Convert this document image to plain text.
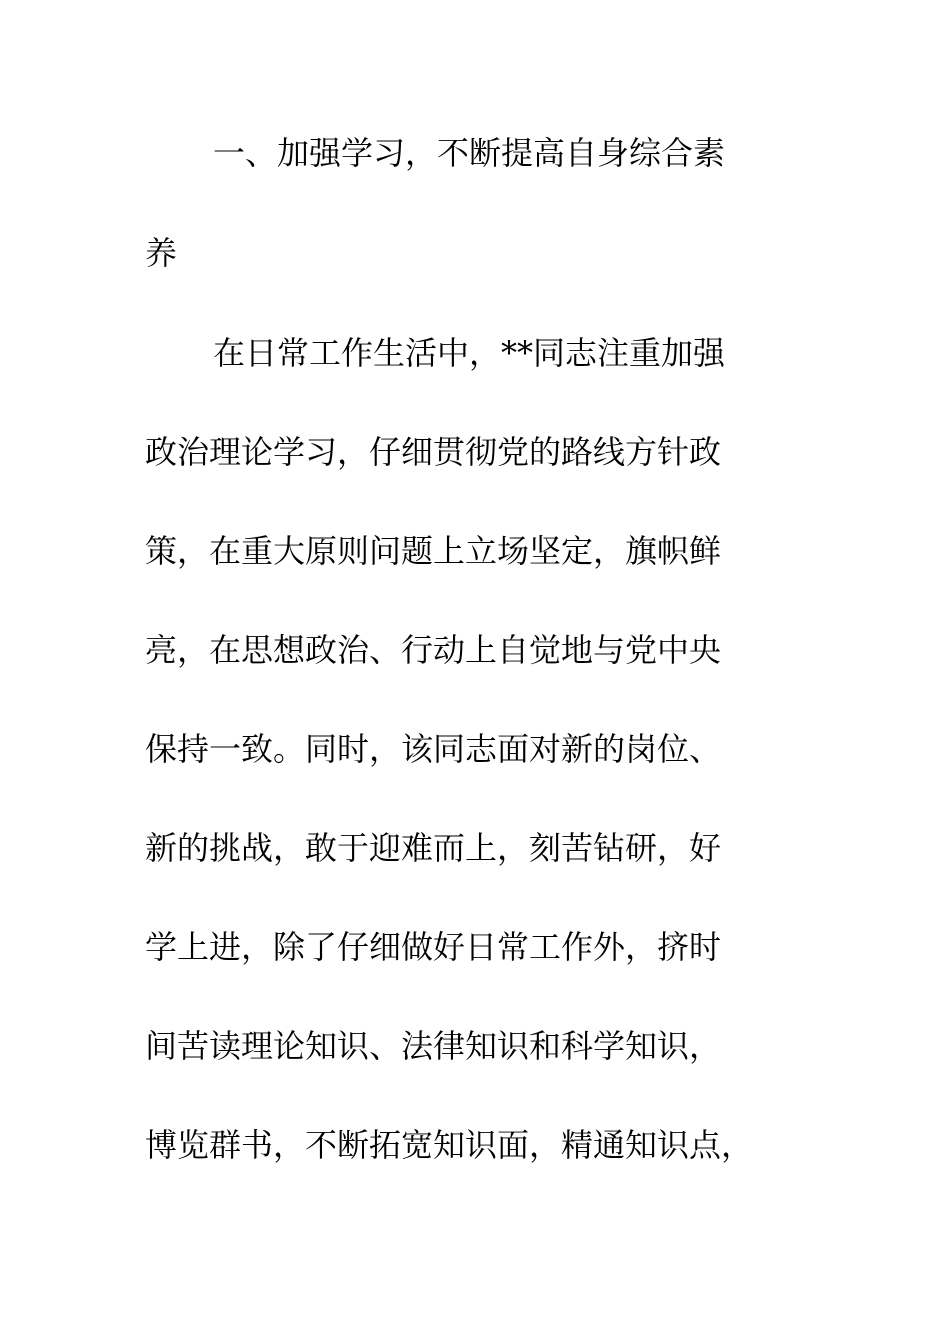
一、加强学习，不断提高自身综合素
养
在日常工作生活中，**同志注重加强
政治理论学习，仔细贯彻党的路线方针政
策，在重大原则问题上立场坚定，旗帜鲜
亮，在思想政治、行动上自觉地与党中央
保持一致。同时，该同志面对新的岗位、
新的挑战，敢于迎难而上，刻苦钻研，好
学上进，除了仔细做好日常工作外，挤时
间苦读理论知识、法律知识和科学知识，
博览群书，不断拓宽知识面，精通知识点，
